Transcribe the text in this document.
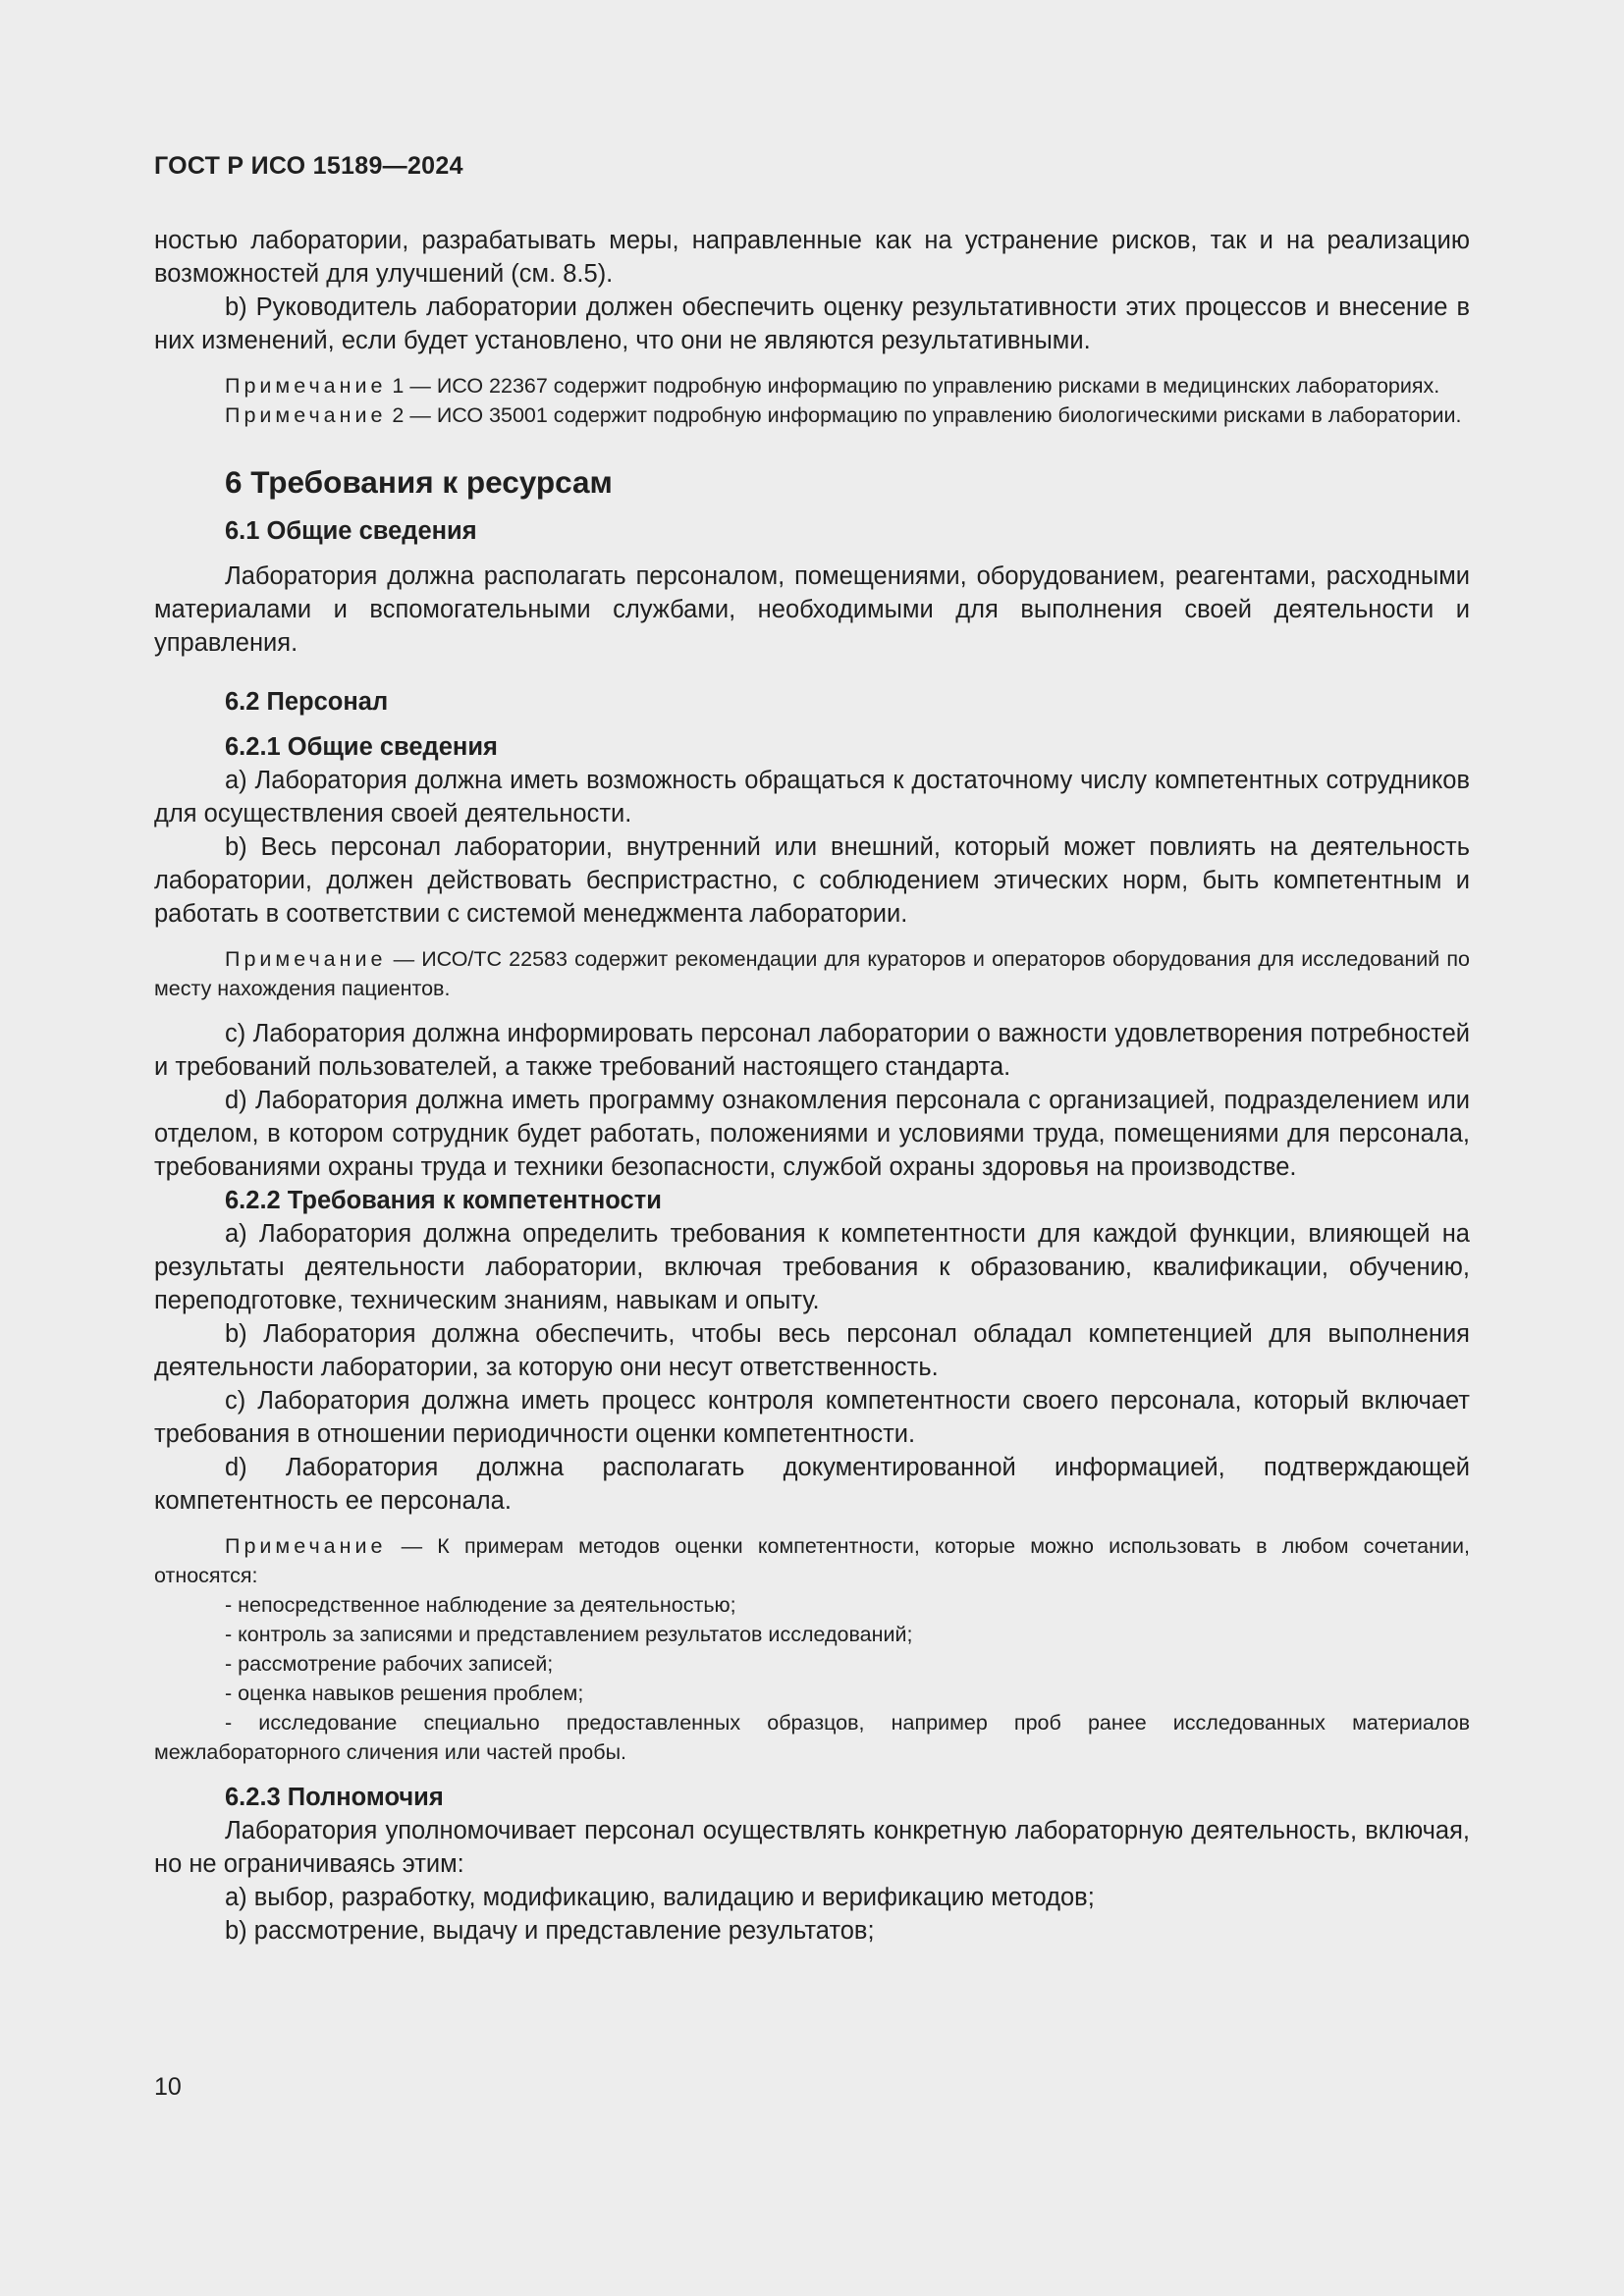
ГОСТ Р ИСО 15189—2024

ностью лаборатории, разрабатывать меры, направленные как на устранение рисков, так и на реализацию возможностей для улучшений (см. 8.5).

b) Руководитель лаборатории должен обеспечить оценку результативности этих процессов и внесение в них изменений, если будет установлено, что они не являются результативными.

Примечание 1 — ИСО 22367 содержит подробную информацию по управлению рисками в медицинских лабораториях.

Примечание 2 — ИСО 35001 содержит подробную информацию по управлению биологическими рисками в лаборатории.

6 Требования к ресурсам
6.1 Общие сведения

Лаборатория должна располагать персоналом, помещениями, оборудованием, реагентами, расходными материалами и вспомогательными службами, необходимыми для выполнения своей деятельности и управления.

6.2 Персонал
6.2.1 Общие сведения

a) Лаборатория должна иметь возможность обращаться к достаточному числу компетентных сотрудников для осуществления своей деятельности.

b) Весь персонал лаборатории, внутренний или внешний, который может повлиять на деятельность лаборатории, должен действовать беспристрастно, с соблюдением этических норм, быть компетентным и работать в соответствии с системой менеджмента лаборатории.

Примечание — ИСО/ТС 22583 содержит рекомендации для кураторов и операторов оборудования для исследований по месту нахождения пациентов.

c) Лаборатория должна информировать персонал лаборатории о важности удовлетворения потребностей и требований пользователей, а также требований настоящего стандарта.

d) Лаборатория должна иметь программу ознакомления персонала с организацией, подразделением или отделом, в котором сотрудник будет работать, положениями и условиями труда, помещениями для персонала, требованиями охраны труда и техники безопасности, службой охраны здоровья на производстве.

6.2.2 Требования к компетентности

a) Лаборатория должна определить требования к компетентности для каждой функции, влияющей на результаты деятельности лаборатории, включая требования к образованию, квалификации, обучению, переподготовке, техническим знаниям, навыкам и опыту.

b) Лаборатория должна обеспечить, чтобы весь персонал обладал компетенцией для выполнения деятельности лаборатории, за которую они несут ответственность.

c) Лаборатория должна иметь процесс контроля компетентности своего персонала, который включает требования в отношении периодичности оценки компетентности.

d) Лаборатория должна располагать документированной информацией, подтверждающей компетентность ее персонала.

Примечание — К примерам методов оценки компетентности, которые можно использовать в любом сочетании, относятся:

- непосредственное наблюдение за деятельностью;

- контроль за записями и представлением результатов исследований;

- рассмотрение рабочих записей;

- оценка навыков решения проблем;

- исследование специально предоставленных образцов, например проб ранее исследованных материалов межлабораторного сличения или частей пробы.

6.2.3 Полномочия

Лаборатория уполномочивает персонал осуществлять конкретную лабораторную деятельность, включая, но не ограничиваясь этим:

a) выбор, разработку, модификацию, валидацию и верификацию методов;

b) рассмотрение, выдачу и представление результатов;

10
